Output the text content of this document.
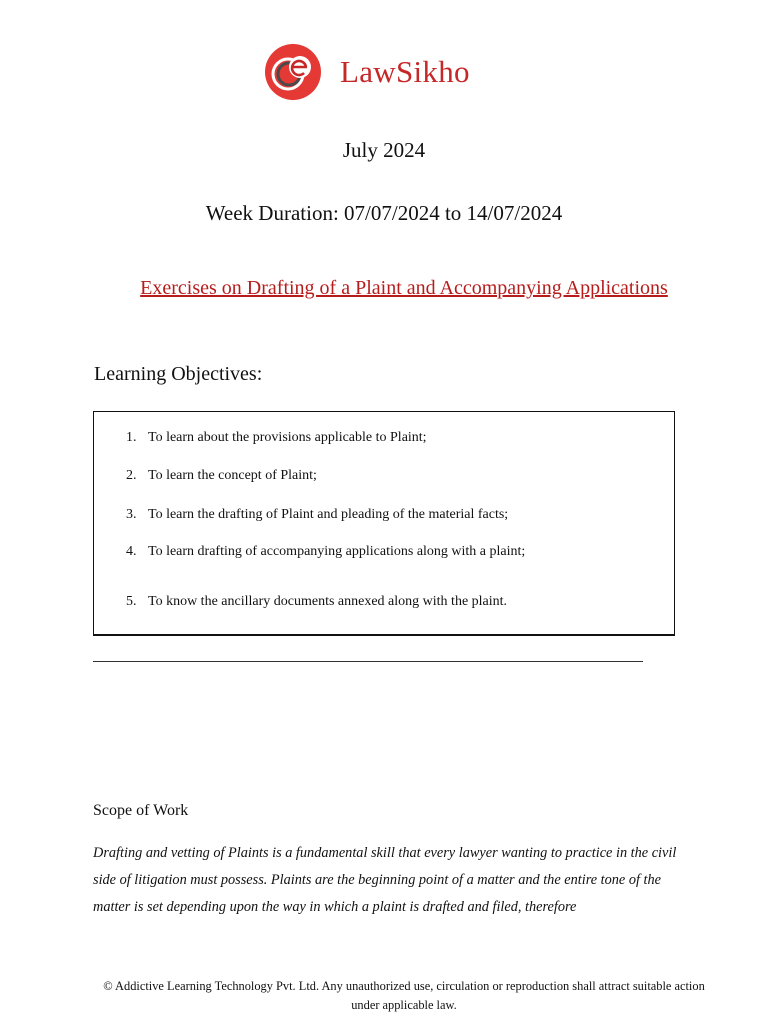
LawSikho
July 2024
Week Duration: 07/07/2024 to 14/07/2024
Exercises on Drafting of a Plaint and Accompanying Applications
Learning Objectives:
1. To learn about the provisions applicable to Plaint;
2. To learn the concept of Plaint;
3. To learn the drafting of Plaint and pleading of the material facts;
4. To learn drafting of accompanying applications along with a plaint;
5. To know the ancillary documents annexed along with the plaint.
Scope of Work
Drafting and vetting of Plaints is a fundamental skill that every lawyer wanting to practice in the civil side of litigation must possess. Plaints are the beginning point of a matter and the entire tone of the matter is set depending upon the way in which a plaint is drafted and filed, therefore
© Addictive Learning Technology Pvt. Ltd. Any unauthorized use, circulation or reproduction shall attract suitable action under applicable law.
